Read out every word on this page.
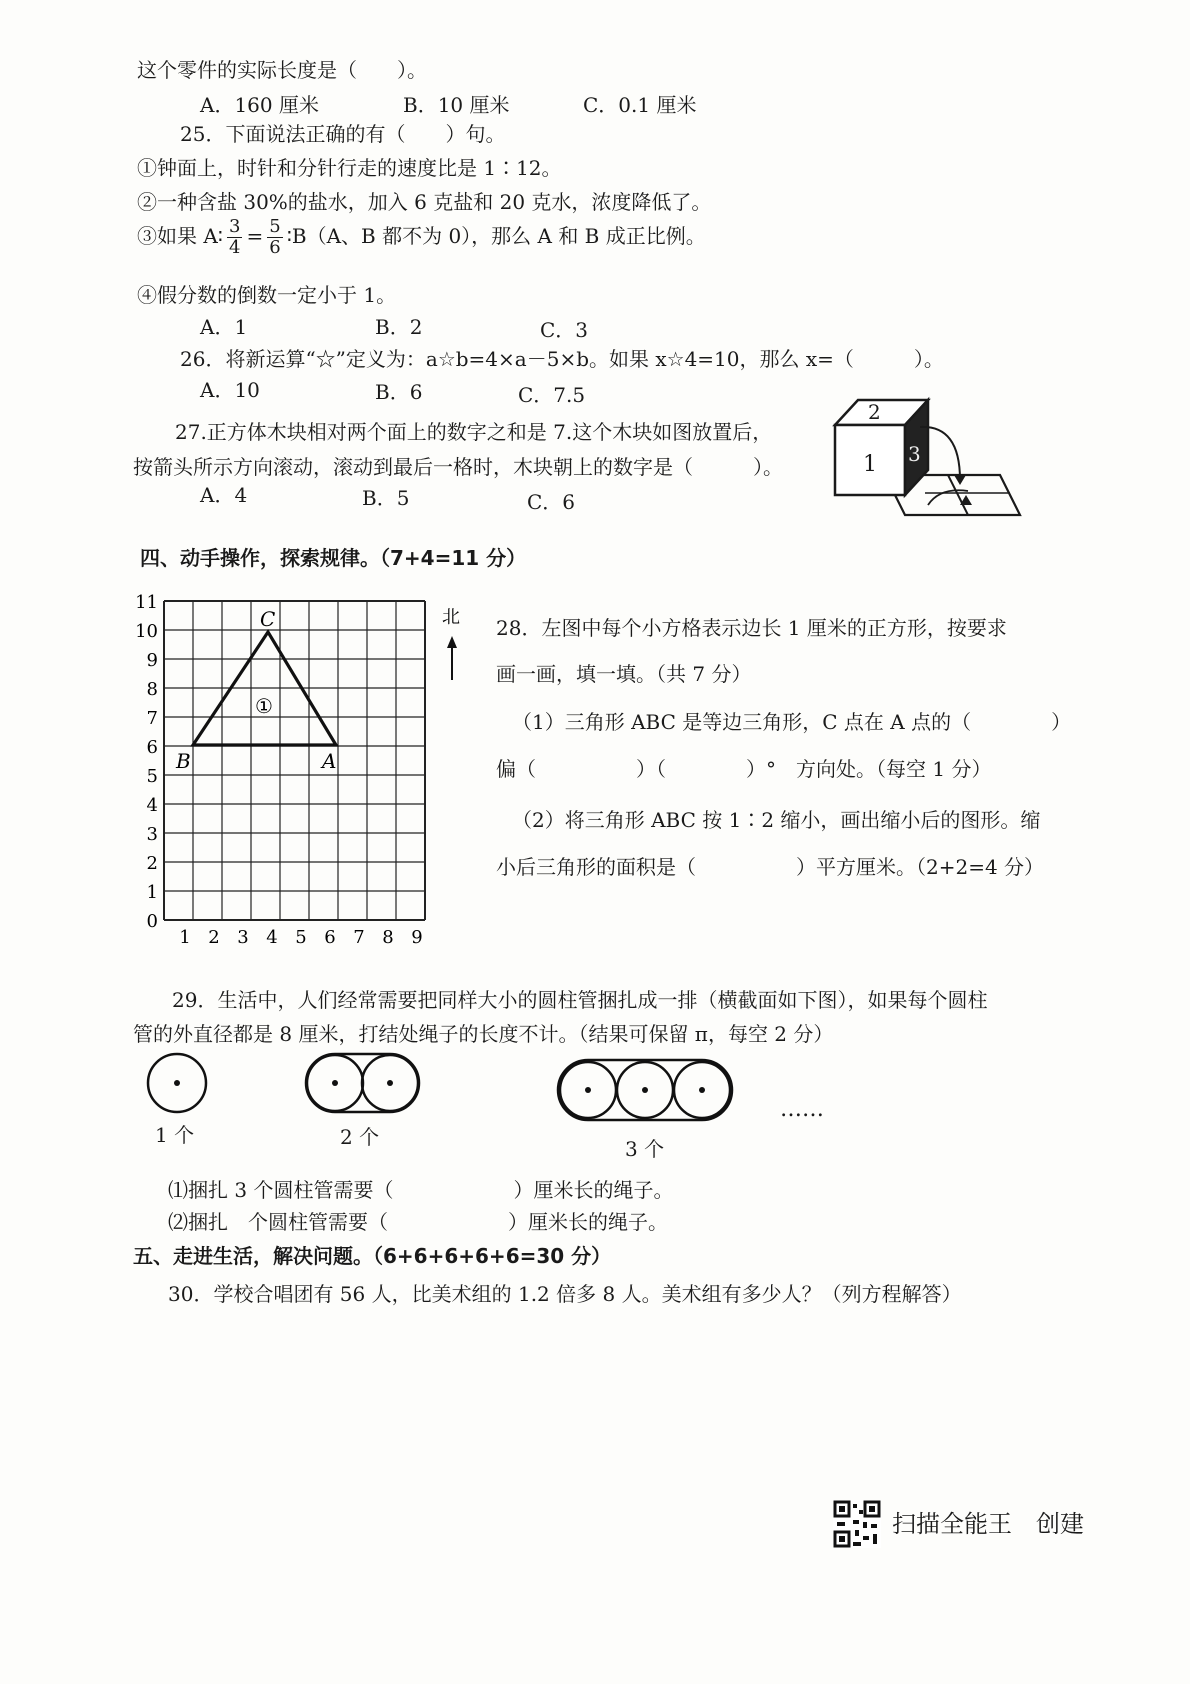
这个零件的实际长度是（　　）。
A．160 厘米	B．10 厘米	C．0.1 厘米
25．下面说法正确的有（　　）句。
①钟面上，时针和分针行走的速度比是 1∶12。
②一种含盐 30%的盐水，加入 6 克盐和 20 克水，浓度降低了。
③如果 A∶ $\frac{3}{4} = \frac{5}{6}$ ∶B（A、B 都不为 0），那么 A 和 B 成正比例。
④假分数的倒数一定小于 1。
A．1	B．2	C．3
26．将新运算“☆”定义为：a☆b=4×a－5×b。如果 x☆4=10，那么 x=（　　　）。
A．10	B．6	C．7.5
27.正方体木块相对两个面上的数字之和是 7.这个木块如图放置后，
按箭头所示方向滚动，滚动到最后一格时，木块朝上的数字是（　　　）。
A．4	B．5	C．6
2
1 3
四、动手操作，探索规律。（7+4=11 分）
11
10
9
8
7
6
5
4
3
2
1
0
1 2 3 4 5 6 7 8 9
B	A
C
①
北 28．左图中每个小方格表示边长 1 厘米的正方形，按要求
画一画，填一填。（共 7 分）
（1）三角形 ABC 是等边三角形，C 点在 A 点的（　　　　）
偏（　　　　　）（　　　　）°　方向处。（每空 1 分）
（2）将三角形 ABC 按 1∶2 缩小，画出缩小后的图形。缩
小后三角形的面积是（　　　　　）平方厘米。（2+2=4 分）
29．生活中，人们经常需要把同样大小的圆柱管捆扎成一排（横截面如下图），如果每个圆柱
管的外直径都是 8 厘米，打结处绳子的长度不计。（结果可保留 π，每空 2 分）
1 个	2 个	3 个
……
⑴捆扎 3 个圆柱管需要（　　　　　　）厘米长的绳子。
⑵捆扎　个圆柱管需要（　　　　　　）厘米长的绳子。
五、走进生活，解决问题。（6+6+6+6+6=30 分）
30．学校合唱团有 56 人，比美术组的 1.2 倍多 8 人。美术组有多少人？（列方程解答）
扫描全能王　创建
